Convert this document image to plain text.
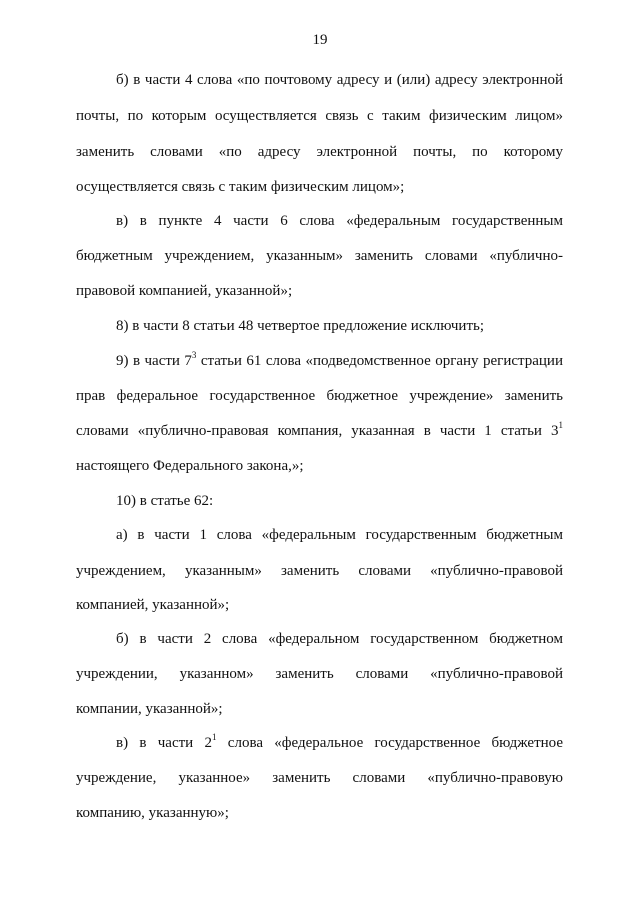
19
б) в части 4 слова «по почтовому адресу и (или) адресу электронной
почты, по которым осуществляется связь с таким физическим лицом»
заменить словами «по адресу электронной почты, по которому
осуществляется связь с таким физическим лицом»;
в) в пункте 4 части 6 слова «федеральным государственным
бюджетным учреждением, указанным» заменить словами «публично-
правовой компанией, указанной»;
8) в части 8 статьи 48 четвертое предложение исключить;
9) в части $7^3$ статьи 61 слова «подведомственное органу регистрации
прав федеральное государственное бюджетное учреждение» заменить
словами «публично-правовая компания, указанная в части 1 статьи $3^1$
настоящего Федерального закона,»;
10) в статье 62:
а) в части 1 слова «федеральным государственным бюджетным
учреждением, указанным» заменить словами «публично-правовой
компанией, указанной»;
б) в части 2 слова «федеральном государственном бюджетном
учреждении, указанном» заменить словами «публично-правовой
компании, указанной»;
в) в части $2^1$ слова «федеральное государственное бюджетное
учреждение, указанное» заменить словами «публично-правовую
компанию, указанную»;
